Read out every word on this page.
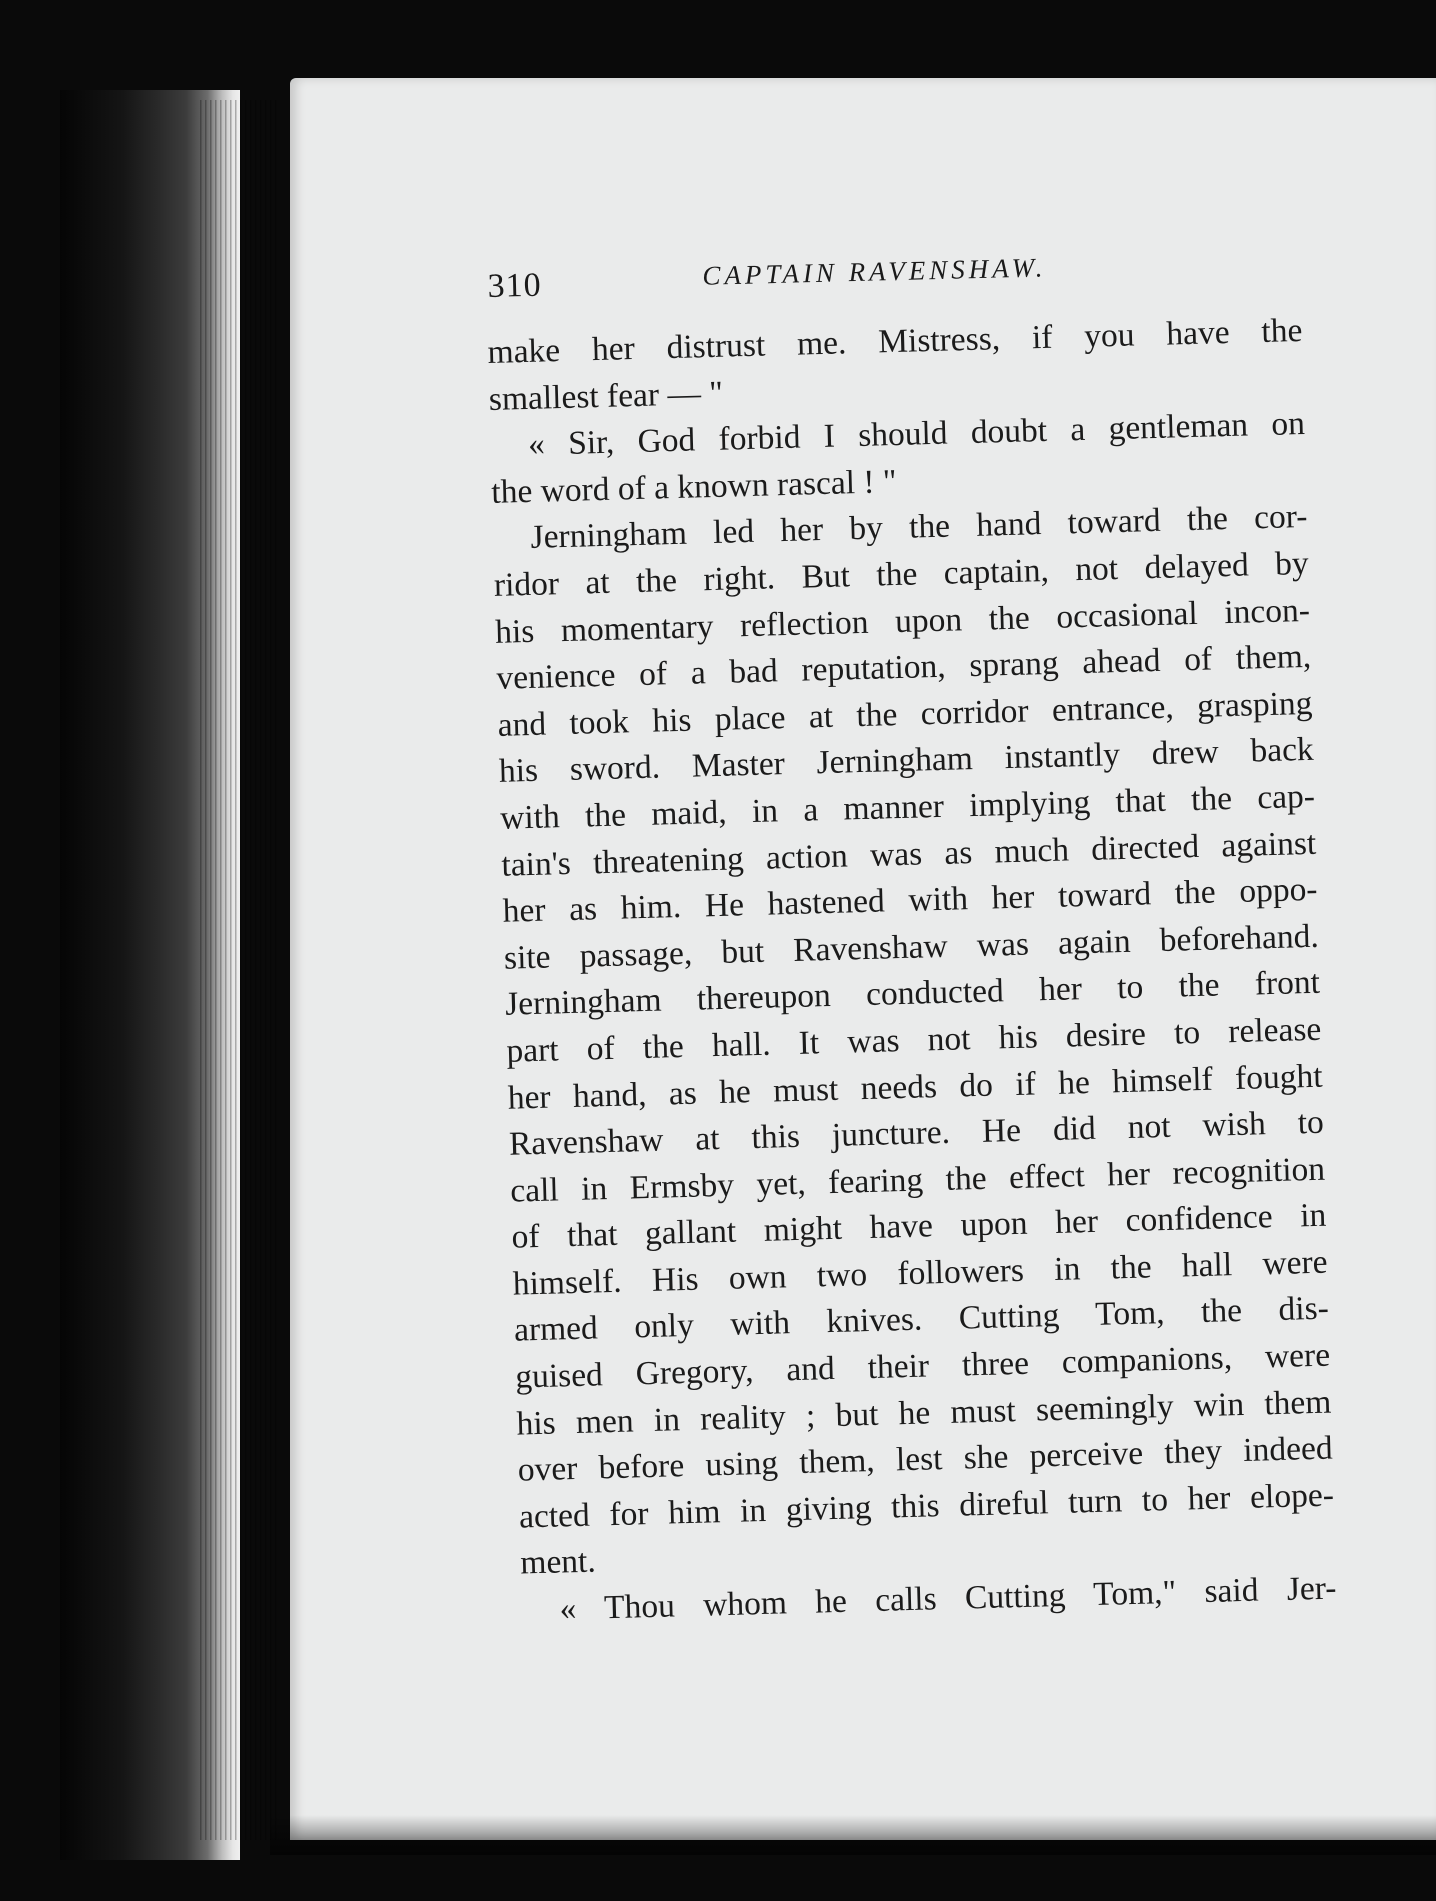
310	CAPTAIN RAVENSHAW.
make her distrust me. Mistress, if you have the
smallest fear — "
« Sir, God forbid I should doubt a gentleman on
the word of a known rascal ! "
Jerningham led her by the hand toward the cor-
ridor at the right. But the captain, not delayed by
his momentary reflection upon the occasional incon-
venience of a bad reputation, sprang ahead of them,
and took his place at the corridor entrance, grasping
his sword. Master Jerningham instantly drew back
with the maid, in a manner implying that the cap-
tain's threatening action was as much directed against
her as him. He hastened with her toward the oppo-
site passage, but Ravenshaw was again beforehand.
Jerningham thereupon conducted her to the front
part of the hall. It was not his desire to release
her hand, as he must needs do if he himself fought
Ravenshaw at this juncture. He did not wish to
call in Ermsby yet, fearing the effect her recognition
of that gallant might have upon her confidence in
himself. His own two followers in the hall were
armed only with knives. Cutting Tom, the dis-
guised Gregory, and their three companions, were
his men in reality ; but he must seemingly win them
over before using them, lest she perceive they indeed
acted for him in giving this direful turn to her elope-
ment.
« Thou whom he calls Cutting Tom," said Jer-
